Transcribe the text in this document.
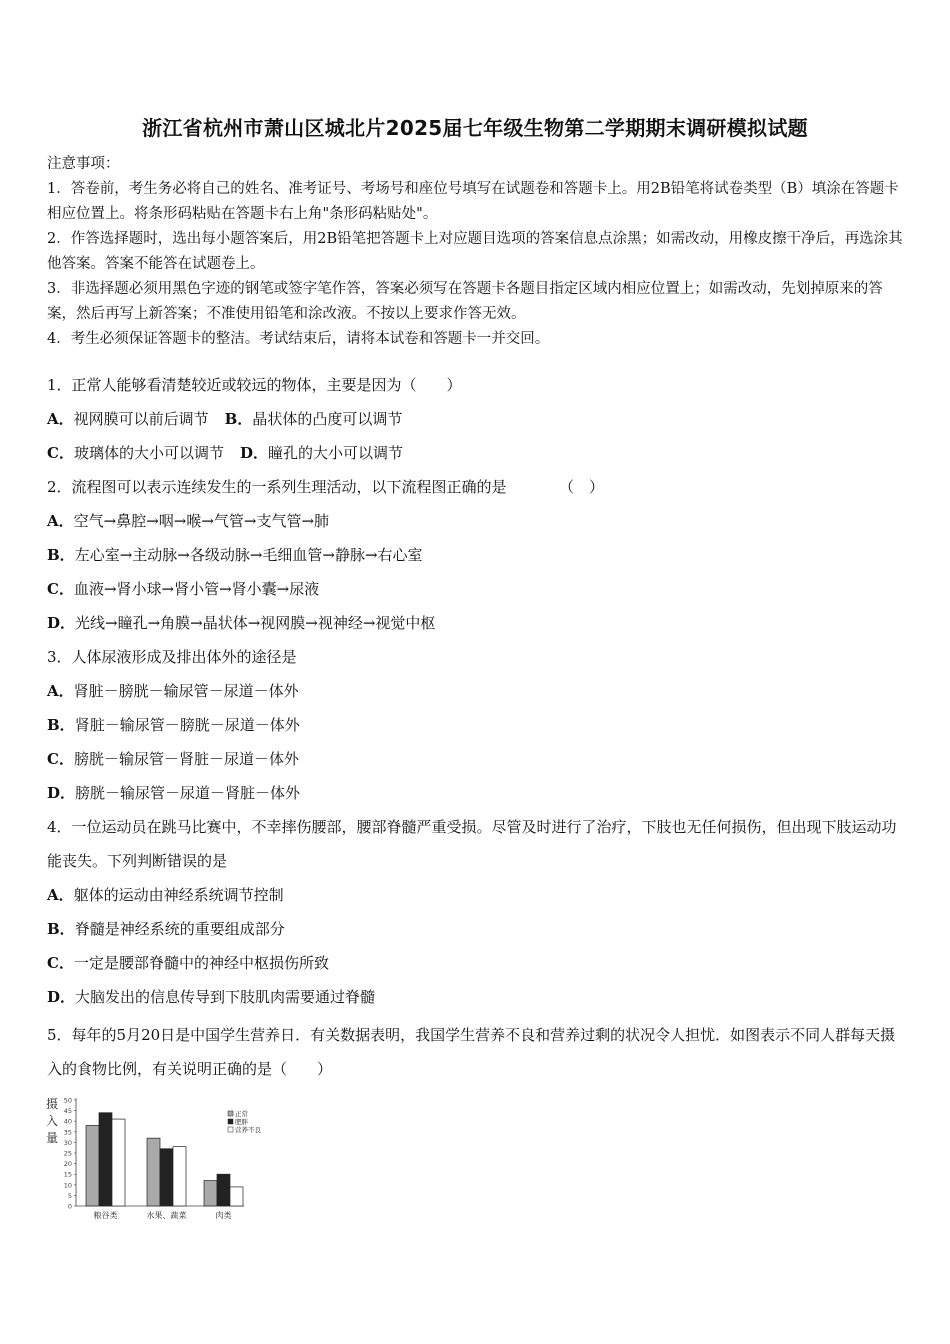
浙江省杭州市萧山区城北片2025届七年级生物第二学期期末调研模拟试题

注意事项：

1．答卷前，考生务必将自己的姓名、准考证号、考场号和座位号填写在试题卷和答题卡上。用2B铅笔将试卷类型（B）填涂在答题卡相应位置上。将条形码粘贴在答题卡右上角"条形码粘贴处"。

2．作答选择题时，选出每小题答案后，用2B铅笔把答题卡上对应题目选项的答案信息点涂黑；如需改动，用橡皮擦干净后，再选涂其他答案。答案不能答在试题卷上。

3．非选择题必须用黑色字迹的钢笔或签字笔作答，答案必须写在答题卡各题目指定区域内相应位置上；如需改动，先划掉原来的答案，然后再写上新答案；不准使用铅笔和涂改液。不按以上要求作答无效。

4．考生必须保证答题卡的整洁。考试结束后，请将本试卷和答题卡一并交回。

1．正常人能够看清楚较近或较远的物体，主要是因为（　　）

A．视网膜可以前后调节 B．晶状体的凸度可以调节

C．玻璃体的大小可以调节 D．瞳孔的大小可以调节

2．流程图可以表示连续发生的一系列生理活动，以下流程图正确的是　　　　（　）

A．空气→鼻腔→咽→喉→气管→支气管→肺

B．左心室→主动脉→各级动脉→毛细血管→静脉→右心室

C．血液→肾小球→肾小管→肾小囊→尿液

D．光线→瞳孔→角膜→晶状体→视网膜→视神经→视觉中枢

3．人体尿液形成及排出体外的途径是

A．肾脏－膀胱－输尿管－尿道－体外

B．肾脏－输尿管－膀胱－尿道－体外

C．膀胱－输尿管－肾脏－尿道－体外

D．膀胱－输尿管－尿道－肾脏－体外

4．一位运动员在跳马比赛中，不幸摔伤腰部，腰部脊髓严重受损。尽管及时进行了治疗，下肢也无任何损伤，但出现下肢运动功能丧失。下列判断错误的是

A．躯体的运动由神经系统调节控制

B．脊髓是神经系统的重要组成部分

C．一定是腰部脊髓中的神经中枢损伤所致

D．大脑发出的信息传导到下肢肌肉需要通过脊髓

5．每年的5月20日是中国学生营养日．有关数据表明，我国学生营养不良和营养过剩的状况令人担忧．如图表示不同人群每天摄入的食物比例，有关说明正确的是（　　）

摄
入
量
0
5
10
15
20
25
30
35
40
45
50
粮谷类	水果、蔬菜	肉类
正常
肥胖
营养不良
